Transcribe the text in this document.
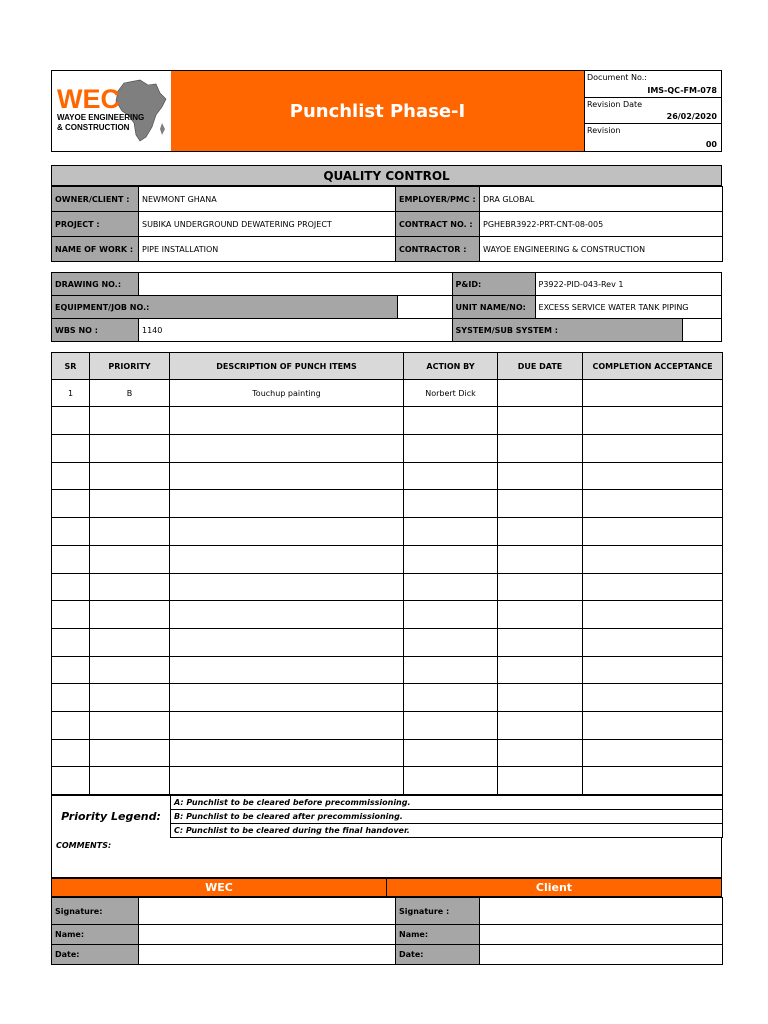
WEC
WAYOE ENGINEERING
& CONSTRUCTION
Punchlist Phase-I
Document No.:
IMS-QC-FM-078
Revision Date
26/02/2020
Revision
00
QUALITY CONTROL
OWNER/CLIENT :	NEWMONT GHANA	EMPLOYER/PMC :	DRA GLOBAL
PROJECT :	SUBIKA UNDERGROUND DEWATERING PROJECT	CONTRACT NO. :	PGHEBR3922-PRT-CNT-08-005
NAME OF WORK :	PIPE INSTALLATION	CONTRACTOR :	WAYOE ENGINEERING & CONSTRUCTION
DRAWING NO.:			P&ID:	P3922-PID-043-Rev 1	
EQUIPMENT/JOB NO.:			UNIT NAME/NO:	EXCESS SERVICE WATER TANK PIPING	
WBS NO :	1140		SYSTEM/SUB SYSTEM :		
SR	PRIORITY	DESCRIPTION OF PUNCH ITEMS	ACTION BY	DUE DATE	COMPLETION ACCEPTANCE
1	B	Touchup painting	Norbert Dick		

Priority Legend:	A: Punchlist to be cleared before precommissioning.
B: Punchlist to be cleared after precommissioning.
C: Punchlist to be cleared during the final handover.
COMMENTS:
WEC	Client
Signature:		Signature :	
Name:		Name:	
Date:		Date:	
